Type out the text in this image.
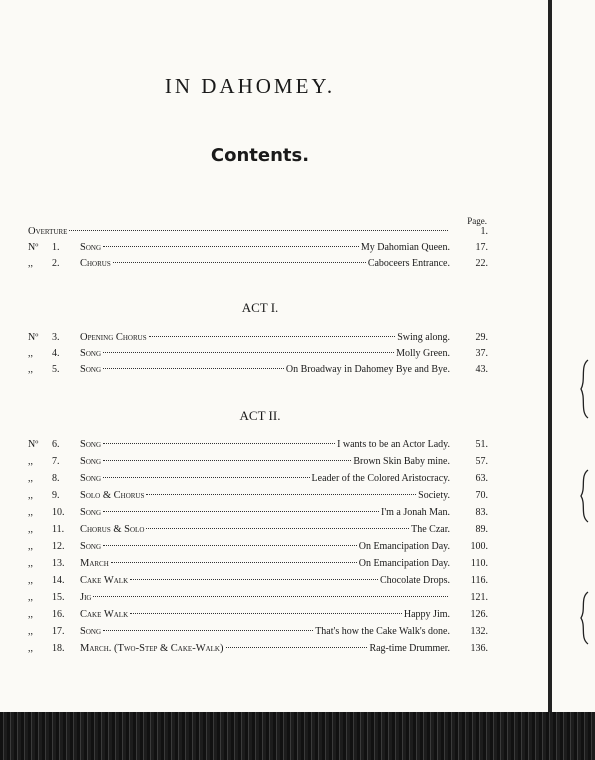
IN DAHOMEY.
Contents.
Page.
Overture	1.
Nº	1.	Song	My Dahomian Queen.	17.
,,	2.	Chorus	Caboceers Entrance.	22.
ACT I.
Nº	3.	Opening Chorus	Swing along.	29.
,,	4.	Song	Molly Green.	37.
,,	5.	Song	On Broadway in Dahomey Bye and Bye.	43.
ACT II.
Nº	6.	Song	I wants to be an Actor Lady.	51.
,,	7.	Song	Brown Skin Baby mine.	57.
,,	8.	Song	Leader of the Colored Aristocracy.	63.
,,	9.	Solo & Chorus	Society.	70.
,,	10.	Song	I'm a Jonah Man.	83.
,,	11.	Chorus & Solo	The Czar.	89.
,,	12.	Song	On Emancipation Day.	100.
,,	13.	March	On Emancipation Day.	110.
,,	14.	Cake Walk	Chocolate Drops.	116.
,,	15.	Jig	121.
,,	16.	Cake Walk	Happy Jim.	126.
,,	17.	Song	That's how the Cake Walk's done.	132.
,,	18.	March. (Two-Step & Cake-Walk)	Rag-time Drummer.	136.
